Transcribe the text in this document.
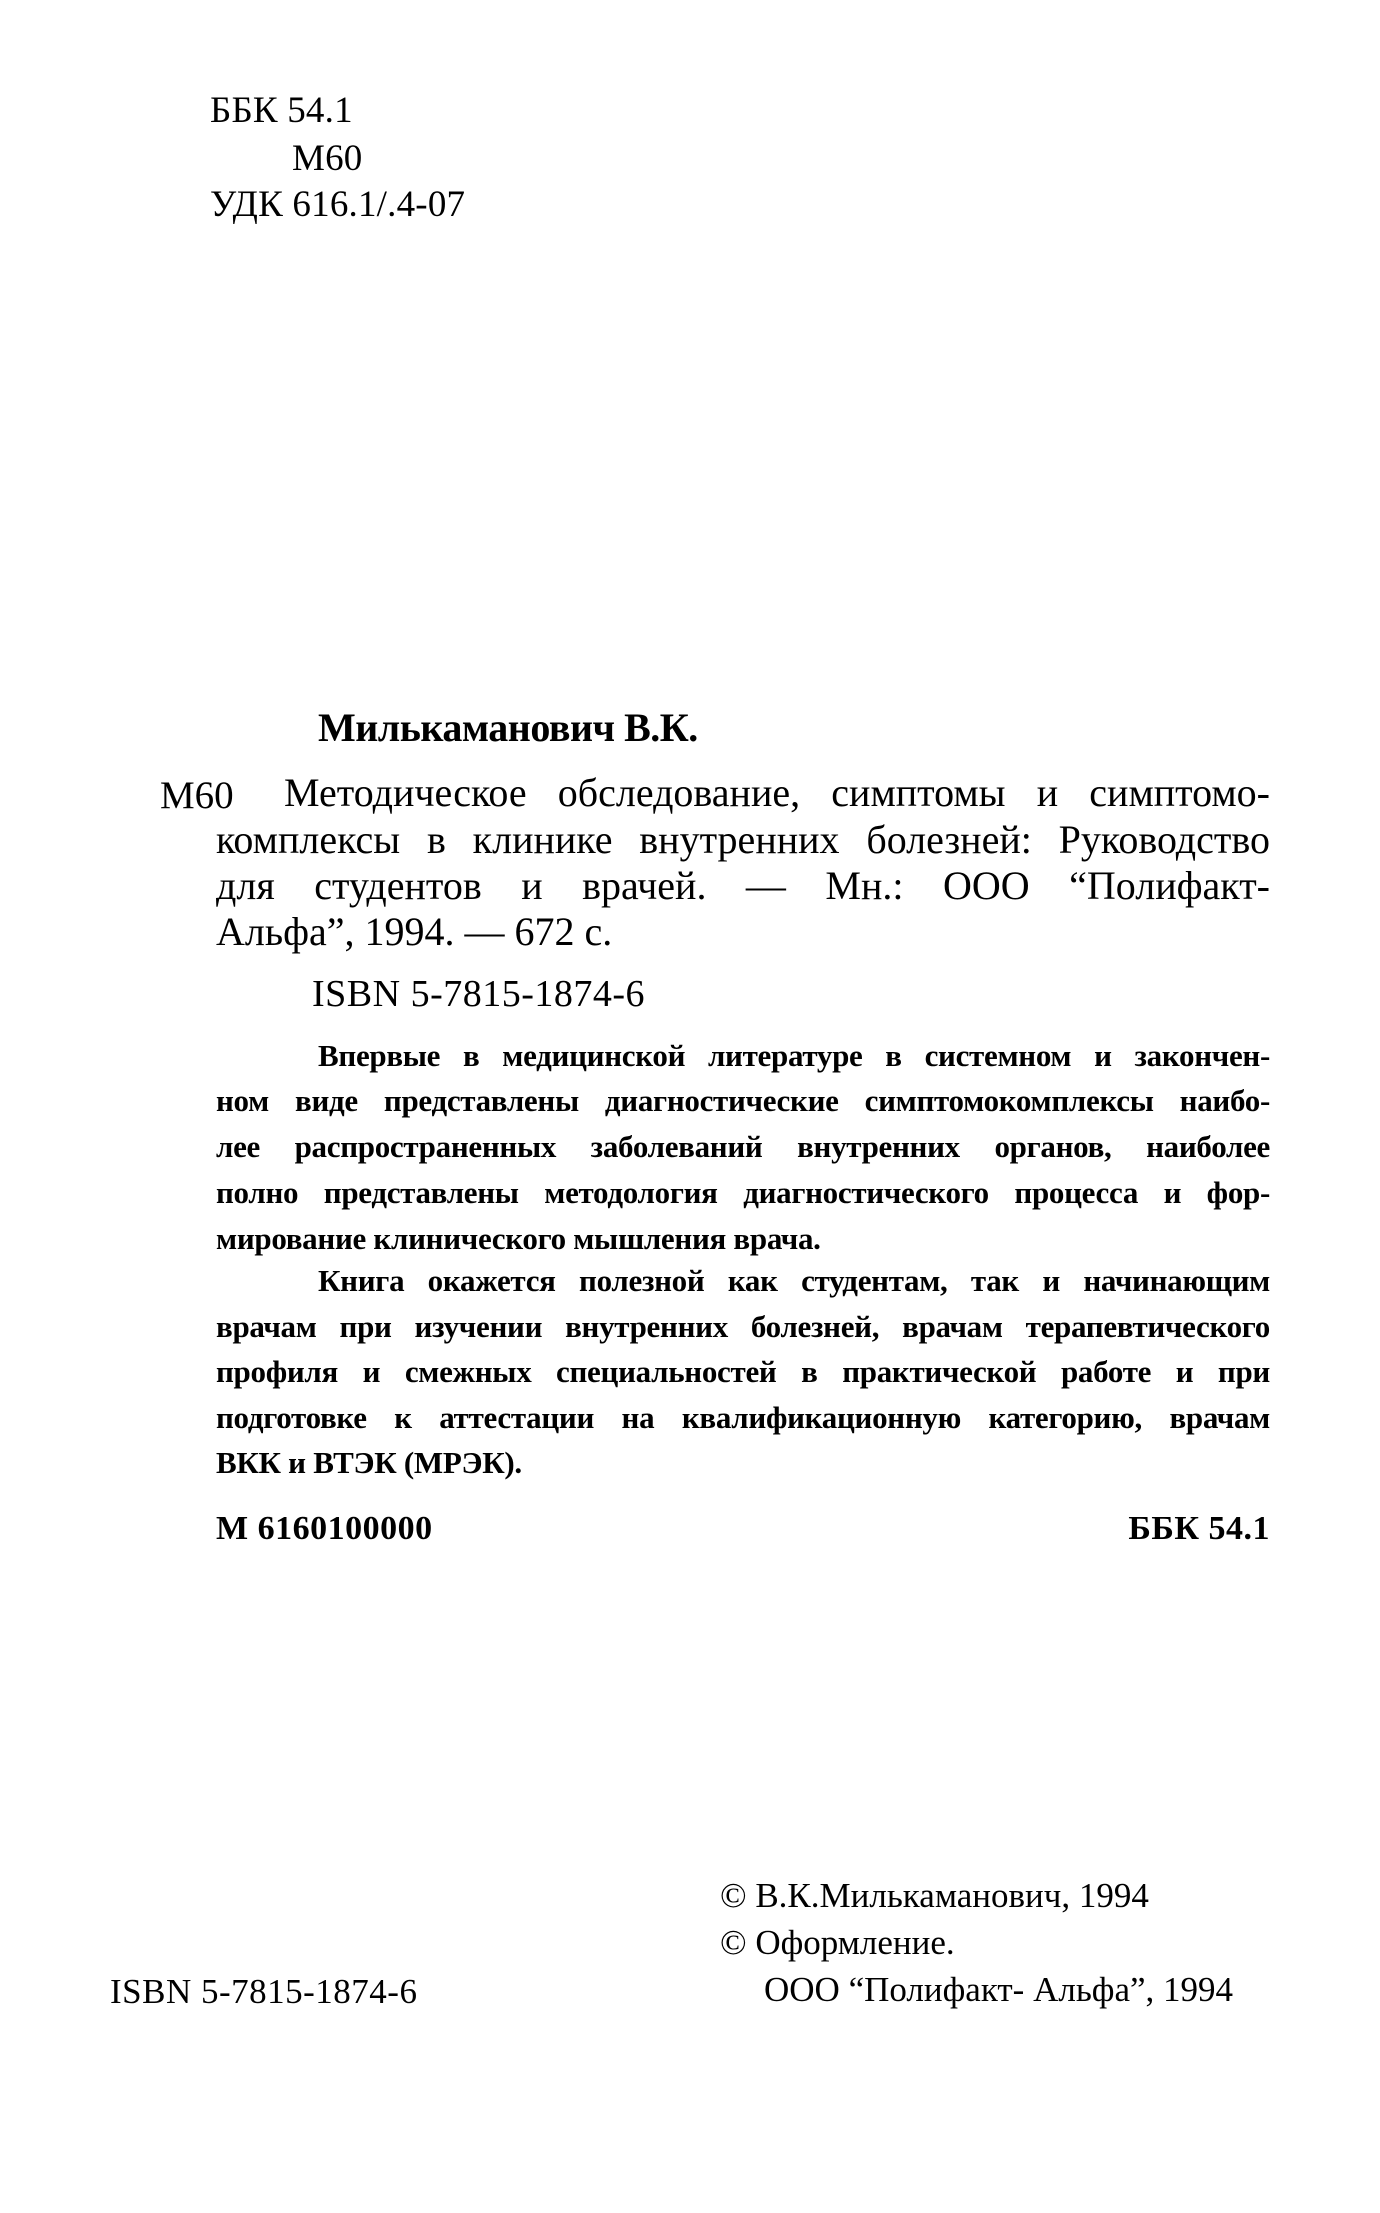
ББК 54.1
М60
УДК 616.1/.4-07
Милькаманович В.К.
М60 Методическое обследование, симптомы и симптомо-
комплексы в клинике внутренних болезней: Руководство
для студентов и врачей. — Мн.: ООО “Полифакт-
Альфа”, 1994. — 672 с.
ISBN 5-7815-1874-6
Впервые в медицинской литературе в системном и закончен-
ном виде представлены диагностические симптомокомплексы наибо-
лее распространенных заболеваний внутренних органов, наиболее
полно представлены методология диагностического процесса и фор-
мирование клинического мышления врача.
Книга окажется полезной как студентам, так и начинающим
врачам при изучении внутренних болезней, врачам терапевтического
профиля и смежных специальностей в практической работе и при
подготовке к аттестации на квалификационную категорию, врачам
ВКК и ВТЭК (МРЭК).
М 6160100000	ББК 54.1
ISBN 5-7815-1874-6
© В.К.Милькаманович, 1994
© Оформление.
ООО “Полифакт- Альфа”, 1994
